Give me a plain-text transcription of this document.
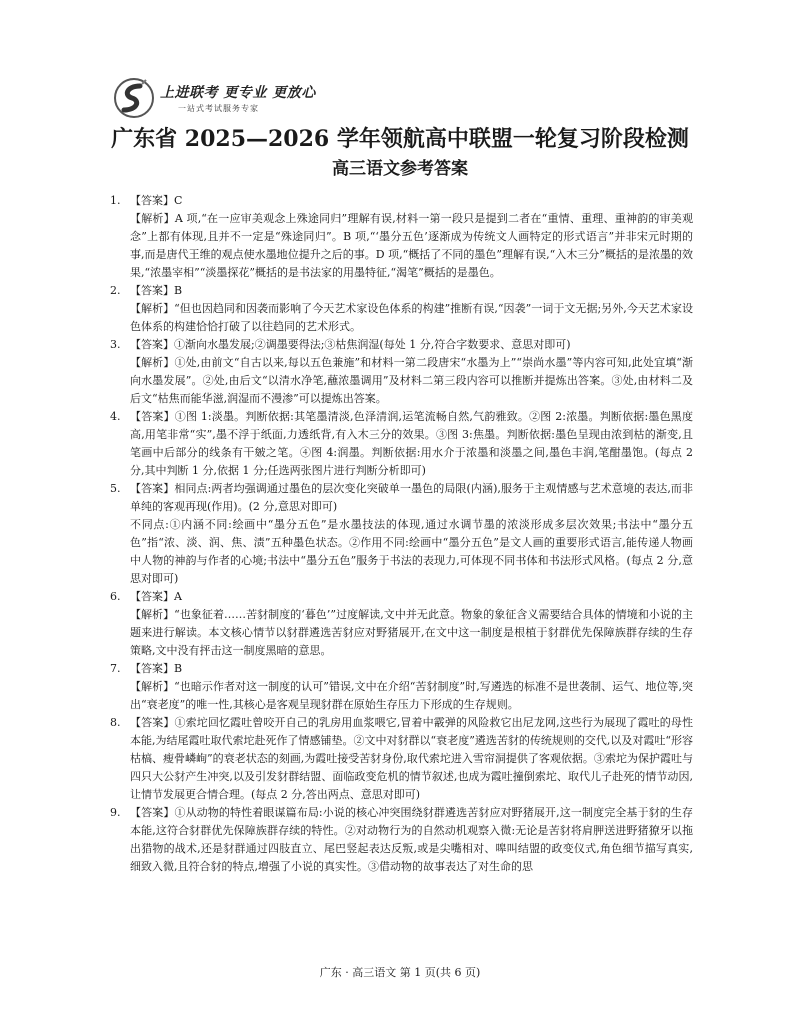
上进联考 更专业 更放心
一站式考试服务专家
广东省 2025—2026 学年领航高中联盟一轮复习阶段检测
高三语文参考答案
1. 【答案】C

【解析】A 项,“在一应审美观念上殊途同归”理解有误,材料一第一段只是提到二者在“重情、重理、重神韵的审美观念”上都有体现,且并不一定是“殊途同归”。B 项,“‘墨分五色’逐渐成为传统文人画特定的形式语言”并非宋元时期的事,而是唐代王维的观点使水墨地位提升之后的事。D 项,“概括了不同的墨色”理解有误,“入木三分”概括的是浓墨的效果,“浓墨宰相”“淡墨探花”概括的是书法家的用墨特征,“渴笔”概括的是墨色。

2. 【答案】B

【解析】“但也因趋同和因袭而影响了今天艺术家设色体系的构建”推断有误,“因袭”一词于文无据;另外,今天艺术家设色体系的构建恰恰打破了以往趋同的艺术形式。

3. 【答案】①渐向水墨发展;②调墨要得法;③枯焦润湿(每处 1 分,符合字数要求、意思对即可)

【解析】①处,由前文“自古以来,每以五色兼施”和材料一第二段唐宋“水墨为上”“崇尚水墨”等内容可知,此处宜填“渐向水墨发展”。②处,由后文“以清水净笔,蘸浓墨调用”及材料二第三段内容可以推断并提炼出答案。③处,由材料二及后文“枯焦而能华滋,润湿而不漫渗”可以提炼出答案。

4. 【答案】①图 1:淡墨。判断依据:其笔墨清淡,色泽清润,运笔流畅自然,气韵雅致。②图 2:浓墨。判断依据:墨色黑度高,用笔非常“实”,墨不浮于纸面,力透纸背,有入木三分的效果。③图 3:焦墨。判断依据:墨色呈现由浓到枯的渐变,且笔画中后部分的线条有干皴之笔。④图 4:润墨。判断依据:用水介于浓墨和淡墨之间,墨色丰润,笔酣墨饱。(每点 2 分,其中判断 1 分,依据 1 分;任选两张图片进行判断分析即可)

5. 【答案】相同点:两者均强调通过墨色的层次变化突破单一墨色的局限(内涵),服务于主观情感与艺术意境的表达,而非单纯的客观再现(作用)。(2 分,意思对即可)

不同点:①内涵不同:绘画中“墨分五色”是水墨技法的体现,通过水调节墨的浓淡形成多层次效果;书法中“墨分五色”指“浓、淡、润、焦、渍”五种墨色状态。②作用不同:绘画中“墨分五色”是文人画的重要形式语言,能传递人物画中人物的神韵与作者的心境;书法中“墨分五色”服务于书法的表现力,可体现不同书体和书法形式风格。(每点 2 分,意思对即可)

6. 【答案】A

【解析】“也象征着……苦豺制度的‘暮色’”过度解读,文中并无此意。物象的象征含义需要结合具体的情境和小说的主题来进行解读。本文核心情节以豺群遴选苦豺应对野猪展开,在文中这一制度是根植于豺群优先保障族群存续的生存策略,文中没有抨击这一制度黑暗的意思。

7. 【答案】B

【解析】“也暗示作者对这一制度的认可”错误,文中在介绍“苦豺制度”时,写遴选的标准不是世袭制、运气、地位等,突出“衰老度”的唯一性,其核心是客观呈现豺群在原始生存压力下形成的生存规则。

8. 【答案】①索坨回忆霞吐曾咬开自己的乳房用血浆喂它,冒着中霰弹的风险救它出尼龙网,这些行为展现了霞吐的母性本能,为结尾霞吐取代索坨赴死作了情感铺垫。②文中对豺群以“衰老度”遴选苦豺的传统规则的交代,以及对霞吐“形容枯槁、瘦骨嶙峋”的衰老状态的刻画,为霞吐接受苦豺身份,取代索坨进入雪帘洞提供了客观依据。③索坨为保护霞吐与四只大公豺产生冲突,以及引发豺群结盟、面临政变危机的情节叙述,也成为霞吐撞倒索坨、取代儿子赴死的情节动因,让情节发展更合情合理。(每点 2 分,答出两点、意思对即可)

9. 【答案】①从动物的特性着眼谋篇布局:小说的核心冲突围绕豺群遴选苦豺应对野猪展开,这一制度完全基于豺的生存本能,这符合豺群优先保障族群存续的特性。②对动物行为的自然动机观察入微:无论是苦豺将肩胛送进野猪獠牙以拖出猎物的战术,还是豺群通过四肢直立、尾巴竖起表达反叛,或是尖嘴相对、嗥叫结盟的政变仪式,角色细节描写真实,细致入微,且符合豺的特点,增强了小说的真实性。③借动物的故事表达了对生命的思

广东 · 高三语文 第 1 页(共 6 页)
